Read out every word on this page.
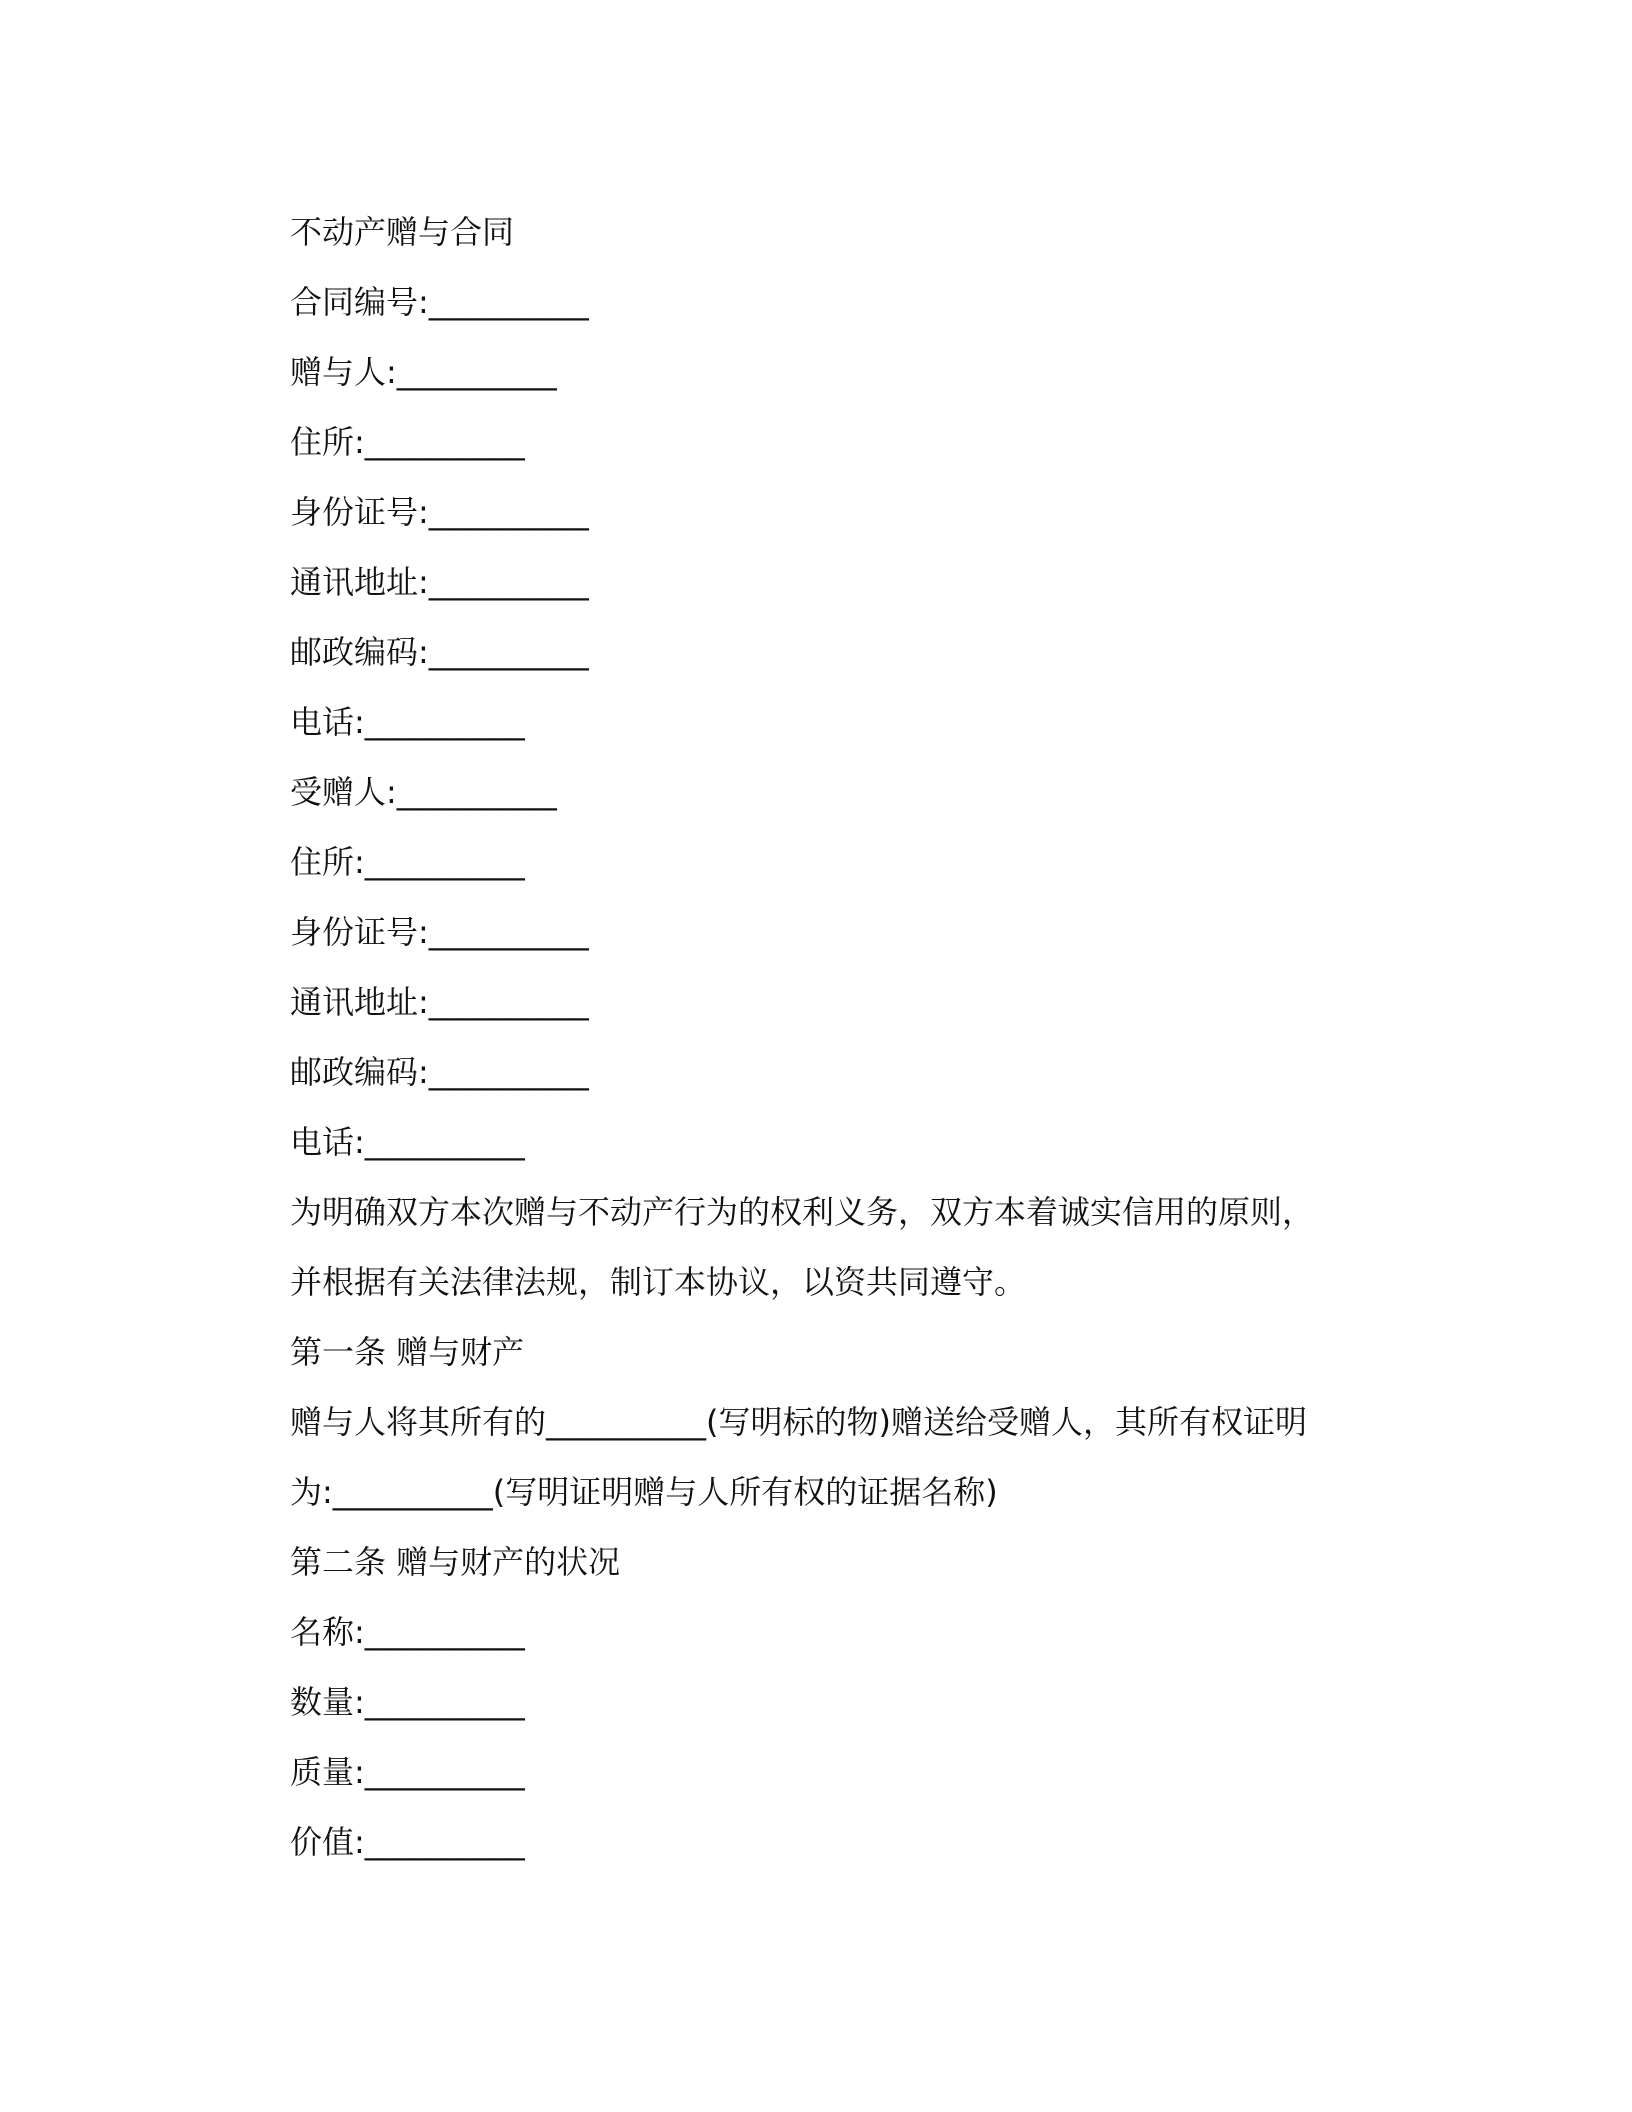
不动产赠与合同
合同编号:__________
赠与人:__________
住所:__________
身份证号:__________
通讯地址:__________
邮政编码:__________
电话:__________
受赠人:__________
住所:__________
身份证号:__________
通讯地址:__________
邮政编码:__________
电话:__________
为明确双方本次赠与不动产行为的权利义务，双方本着诚实信用的原则，
并根据有关法律法规，制订本协议，以资共同遵守。
第一条 赠与财产
赠与人将其所有的__________(写明标的物)赠送给受赠人，其所有权证明
为:__________(写明证明赠与人所有权的证据名称)
第二条 赠与财产的状况
名称:__________
数量:__________
质量:__________
价值:__________
